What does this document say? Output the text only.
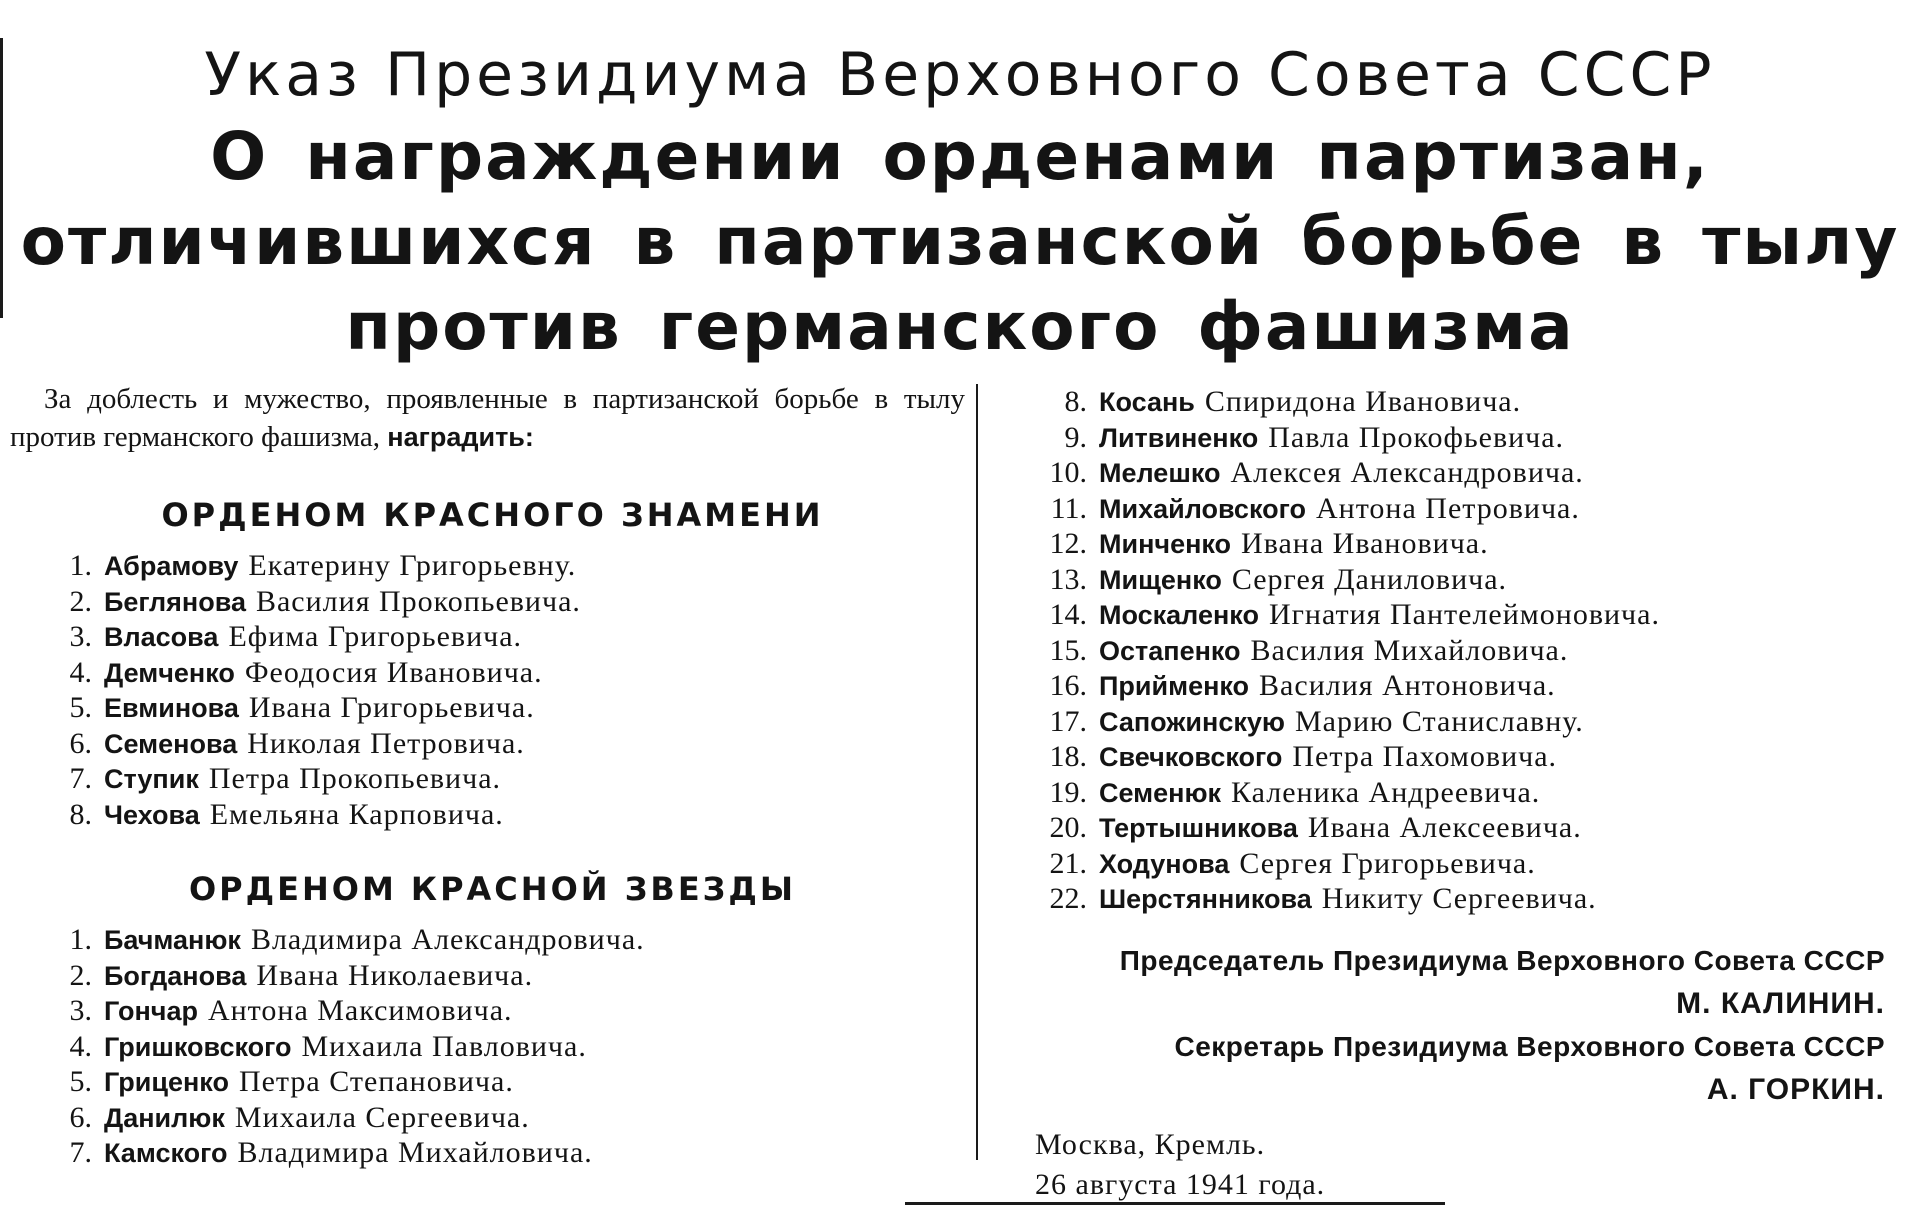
Указ Президиума Верховного Совета СССР
О награждении орденами партизан,
отличившихся в партизанской борьбе в тылу
против германского фашизма

За доблесть и мужество, проявленные в партизанской борьбе в тылу против германского фашизма, наградить:

ОРДЕНОМ КРАСНОГО ЗНАМЕНИ
1. Абрамову Екатерину Григорьевну.
2. Беглянова Василия Прокопьевича.
3. Власова Ефима Григорьевича.
4. Демченко Феодосия Ивановича.
5. Евминова Ивана Григорьевича.
6. Семенова Николая Петровича.
7. Ступик Петра Прокопьевича.
8. Чехова Емельяна Карповича.
ОРДЕНОМ КРАСНОЙ ЗВЕЗДЫ
1. Бачманюк Владимира Александровича.
2. Богданова Ивана Николаевича.
3. Гончар Антона Максимовича.
4. Гришковского Михаила Павловича.
5. Гриценко Петра Степановича.
6. Данилюк Михаила Сергеевича.
7. Камского Владимира Михайловича.
8. Косань Спиридона Ивановича.
9. Литвиненко Павла Прокофьевича.
10. Мелешко Алексея Александровича.
11. Михайловского Антона Петровича.
12. Минченко Ивана Ивановича.
13. Мищенко Сергея Даниловича.
14. Москаленко Игнатия Пантелеймоновича.
15. Остапенко Василия Михайловича.
16. Прийменко Василия Антоновича.
17. Сапожинскую Марию Станиславну.
18. Свечковского Петра Пахомовича.
19. Семенюк Каленика Андреевича.
20. Тертышникова Ивана Алексеевича.
21. Ходунова Сергея Григорьевича.
22. Шерстянникова Никиту Сергеевича.
Председатель Президиума Верховного Совета СССР
М. КАЛИНИН.
Секретарь Президиума Верховного Совета СССР
А. ГОРКИН.
Москва, Кремль.
26 августа 1941 года.
